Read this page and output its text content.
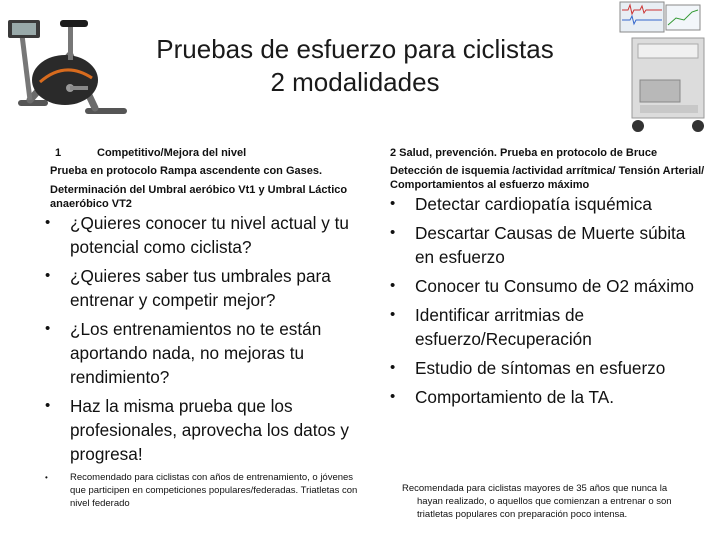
Pruebas de esfuerzo para ciclistas
2 modalidades
1	Competitivo/Mejora del nivel
Prueba en protocolo Rampa ascendente con Gases.
Determinación del Umbral aeróbico Vt1 y Umbral Láctico anaeróbico VT2
• ¿Quieres conocer tu nivel actual y tu potencial como ciclista?
• ¿Quieres saber tus umbrales para entrenar y competir mejor?
• ¿Los entrenamientos no te están aportando nada, no mejoras tu rendimiento?
• Haz la misma prueba que los profesionales, aprovecha los datos y progresa!
• Recomendado para ciclistas con años de entrenamiento, o jóvenes que participen en competiciones populares/federadas. Triatletas con nivel federado
2 Salud, prevención. Prueba en protocolo de Bruce
Detección de isquemia /actividad arrítmica/ Tensión Arterial/ Comportamientos al esfuerzo máximo
• Detectar cardiopatía isquémica
• Descartar Causas de Muerte súbita en esfuerzo
• Conocer tu Consumo de O2 máximo
• Identificar arritmias de esfuerzo/Recuperación
• Estudio de síntomas en esfuerzo
• Comportamiento de la TA.
Recomendada para ciclistas mayores de 35 años que nunca la
hayan realizado, o aquellos que comienzan a entrenar o son
triatletas populares con preparación poco intensa.
